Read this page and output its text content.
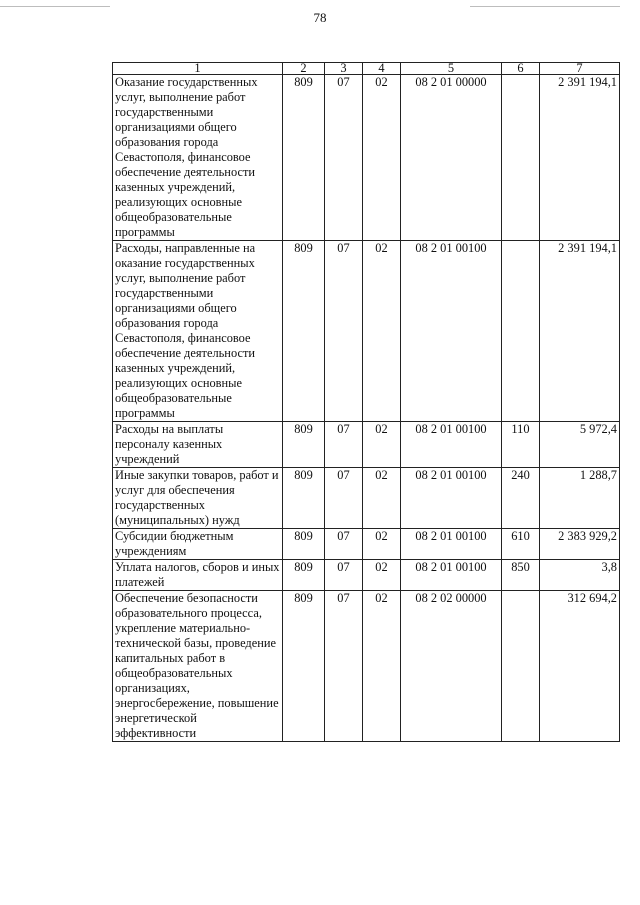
78
1	2	3	4	5	6	7
Оказание государственных услуг, выполнение работ государственными организациями общего образования города Севастополя, финансовое обеспечение деятельности казенных учреждений, реализующих основные общеобразовательные программы	809	07	02	08 2 01 00000		2 391 194,1
Расходы, направленные на оказание государственных услуг, выполнение работ государственными организациями общего образования города Севастополя, финансовое обеспечение деятельности казенных учреждений, реализующих основные общеобразовательные программы	809	07	02	08 2 01 00100		2 391 194,1
Расходы на выплаты персоналу казенных учреждений	809	07	02	08 2 01 00100	110	5 972,4
Иные закупки товаров, работ и услуг для обеспечения государственных (муниципальных) нужд	809	07	02	08 2 01 00100	240	1 288,7
Субсидии бюджетным учреждениям	809	07	02	08 2 01 00100	610	2 383 929,2
Уплата налогов, сборов и иных платежей	809	07	02	08 2 01 00100	850	3,8
Обеспечение безопасности образовательного процесса, укрепление материально-технической базы, проведение капитальных работ в общеобразовательных организациях, энергосбережение, повышение энергетической эффективности	809	07	02	08 2 02 00000		312 694,2
